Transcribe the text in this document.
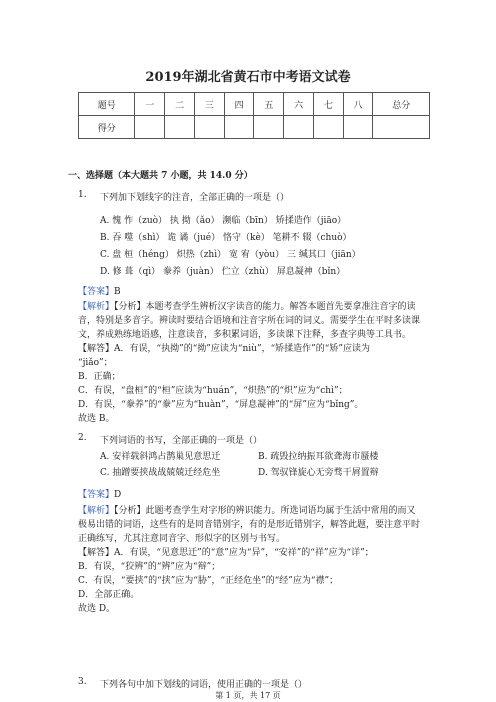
2019年湖北省黄石市中考语文试卷
题号	一	二	三	四	五	六	七	八	总分
得分									
一、选择题（本大题共 7 小题，共 14.0 分）
1. 下列加下划线字的注音，全部正确的一项是（）
A. 愧 怍（zuò） 执 拗（ǎo） 濒临（bīn） 矫揉造作（jiāo）
B. 吞 噬（shì） 诡 谲（jué） 恪守（kè） 笔耕不 辍（chuò）
C. 盘 桓（héng） 炽热（zhì） 宽 宥（yòu） 三 缄其口（jiān）
D. 修 葺（qì） 豢养（juàn） 伫立（zhù） 屏息凝神（bǐn）
【答案】B
【解析】【分析】本题考查学生辨析汉字读音的能力。解答本题首先要拿准注音字的读
音，特别是多音字。辨读时要结合语境和注音字所在词的词义。需要学生在平时多读课
文，养成熟练地语感，注意读音，多积累词语，多读课下注释，多查字典等工具书。
【解答】A．有误，“执拗”的“拗”应读为“niù”，“矫揉造作”的“矫”应读为
“jiǎo”；
B．正确；
C．有误，“盘桓”的“桓”应读为“huán”，“炽热”的“炽”应为“chì”；
D．有误，“豢养”的“豢”应为“huàn”，“屏息凝神”的“屏”应为“bǐng”。
故选 B。
2. 下列词语的书写，全部正确的一项是（）
A. 安祥载斜鸿占鹊巢见意思迁	B. 疏毁拉纳振耳欲聋海市蜃楼
C. 抽蹭要挟战战兢兢迁经危坐	D. 驾驭锋旋心无旁骛干屑置辩
【答案】D
【解析】【分析】此题考查学生对字形的辨识能力。所选词语均属于生活中常用的而又
极易出错的词语，这些有的是同音错别字，有的是形近错别字，解答此题，要注意平时
正确练写，尤其注意同音字、形似字的区别与书写。
【解答】A．有误，“见意思迁”的“意”应为“异”，“安祥”的“祥”应为“详”；
B．有误，“狡辨”的“辨”应为“辩”；
C．有误，“要挟”的“挟”应为“胁”，“正经危坐”的“经”应为“襟”；
D．全部正确。
故选 D。
3. 下列各句中加下划线的词语，使用正确的一项是（）
第 1 页，共 17 页
